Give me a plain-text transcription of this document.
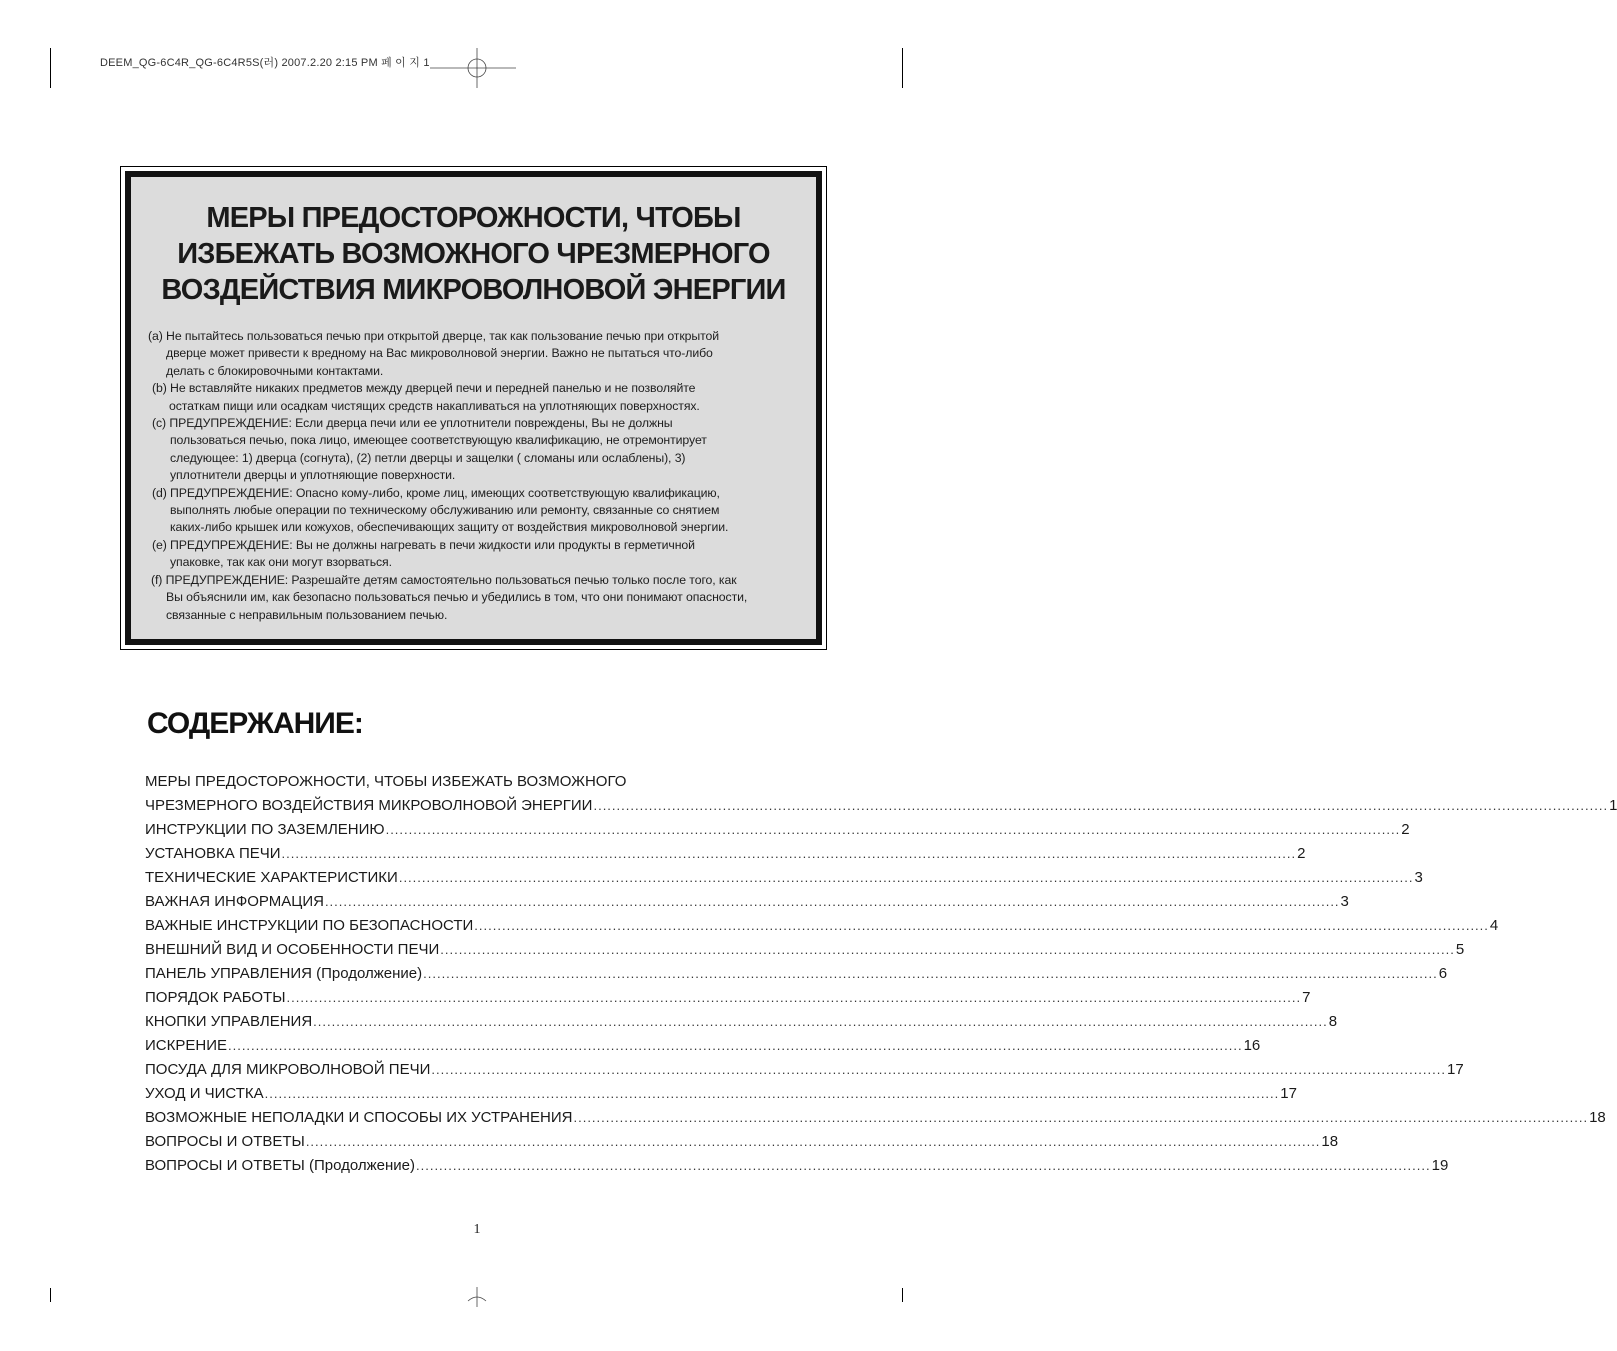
DEEM_QG-6C4R_QG-6C4R5S(러) 2007.2.20 2:15 PM 페 이 지 1
МЕРЫ ПРЕДОСТОРОЖНОСТИ, ЧТОБЫ
ИЗБЕЖАТЬ ВОЗМОЖНОГО ЧРЕЗМЕРНОГО
ВОЗДЕЙСТВИЯ МИКРОВОЛНОВОЙ ЭНЕРГИИ
(a) Не пытайтесь пользоваться печью при открытой дверце, так как пользование печью при открытой
дверце может привести к вредному на Вас микроволновой энергии. Важно не пытаться что-либо
делать с блокировочными контактами.
(b) Не вставляйте никаких предметов между дверцей печи и передней панелью и не позволяйте
остаткам пищи или осадкам чистящих средств накапливаться на уплотняющих поверхностях.
(c) ПРЕДУПРЕЖДЕНИЕ: Если дверца печи или ее уплотнители повреждены, Вы не должны
пользоваться печью, пока лицо, имеющее соответствующую квалификацию, не отремонтирует
следующее: 1) дверца (согнута), (2) петли дверцы и защелки ( сломаны или ослаблены), 3)
уплотнители дверцы и уплотняющие поверхности.
(d) ПРЕДУПРЕЖДЕНИЕ: Опасно кому-либо, кроме лиц, имеющих соответствующую квалификацию,
выполнять любые операции по техническому обслуживанию или ремонту, связанные со снятием
каких-либо крышек или кожухов, обеспечивающих защиту от воздействия микроволновой энергии.
(e) ПРЕДУПРЕЖДЕНИЕ: Вы не должны нагревать в печи жидкости или продукты в герметичной
упаковке, так как они могут взорваться.
(f) ПРЕДУПРЕЖДЕНИЕ: Разрешайте детям самостоятельно пользоваться печью только после того, как
Вы объяснили им, как безопасно пользоваться печью и убедились в том, что они понимают опасности,
связанные с неправильным пользованием печью.
СОДЕРЖАНИЕ:
МЕРЫ ПРЕДОСТОРОЖНОСТИ, ЧТОБЫ ИЗБЕЖАТЬ ВОЗМОЖНОГО
ЧРЕЗМЕРНОГО ВОЗДЕЙСТВИЯ МИКРОВОЛНОВОЙ ЭНЕРГИИ ............................................................................................................................................................................................................................ 1
ИНСТРУКЦИИ ПО ЗАЗЕМЛЕНИЮ ............................................................................................................................................................................................................................ 2
УСТАНОВКА ПЕЧИ ............................................................................................................................................................................................................................ 2
ТЕХНИЧЕСКИЕ ХАРАКТЕРИСТИКИ ............................................................................................................................................................................................................................ 3
ВАЖНАЯ ИНФОРМАЦИЯ ............................................................................................................................................................................................................................ 3
ВАЖНЫЕ ИНСТРУКЦИИ ПО БЕЗОПАСНОСТИ ............................................................................................................................................................................................................................ 4
ВНЕШНИЙ ВИД И ОСОБЕННОСТИ ПЕЧИ ............................................................................................................................................................................................................................ 5
ПАНЕЛЬ УПРАВЛЕНИЯ (Продолжение) ............................................................................................................................................................................................................................ 6
ПОРЯДОК РАБОТЫ ............................................................................................................................................................................................................................ 7
КНОПКИ УПРАВЛЕНИЯ ............................................................................................................................................................................................................................ 8
ИСКРЕНИЕ ............................................................................................................................................................................................................................ 16
ПОСУДА ДЛЯ МИКРОВОЛНОВОЙ ПЕЧИ ............................................................................................................................................................................................................................ 17
УХОД И ЧИСТКА ............................................................................................................................................................................................................................ 17
ВОЗМОЖНЫЕ НЕПОЛАДКИ И СПОСОБЫ ИХ УСТРАНЕНИЯ ............................................................................................................................................................................................................................ 18
ВОПРОСЫ И ОТВЕТЫ ............................................................................................................................................................................................................................ 18
ВОПРОСЫ И ОТВЕТЫ (Продолжение) ............................................................................................................................................................................................................................ 19
1
